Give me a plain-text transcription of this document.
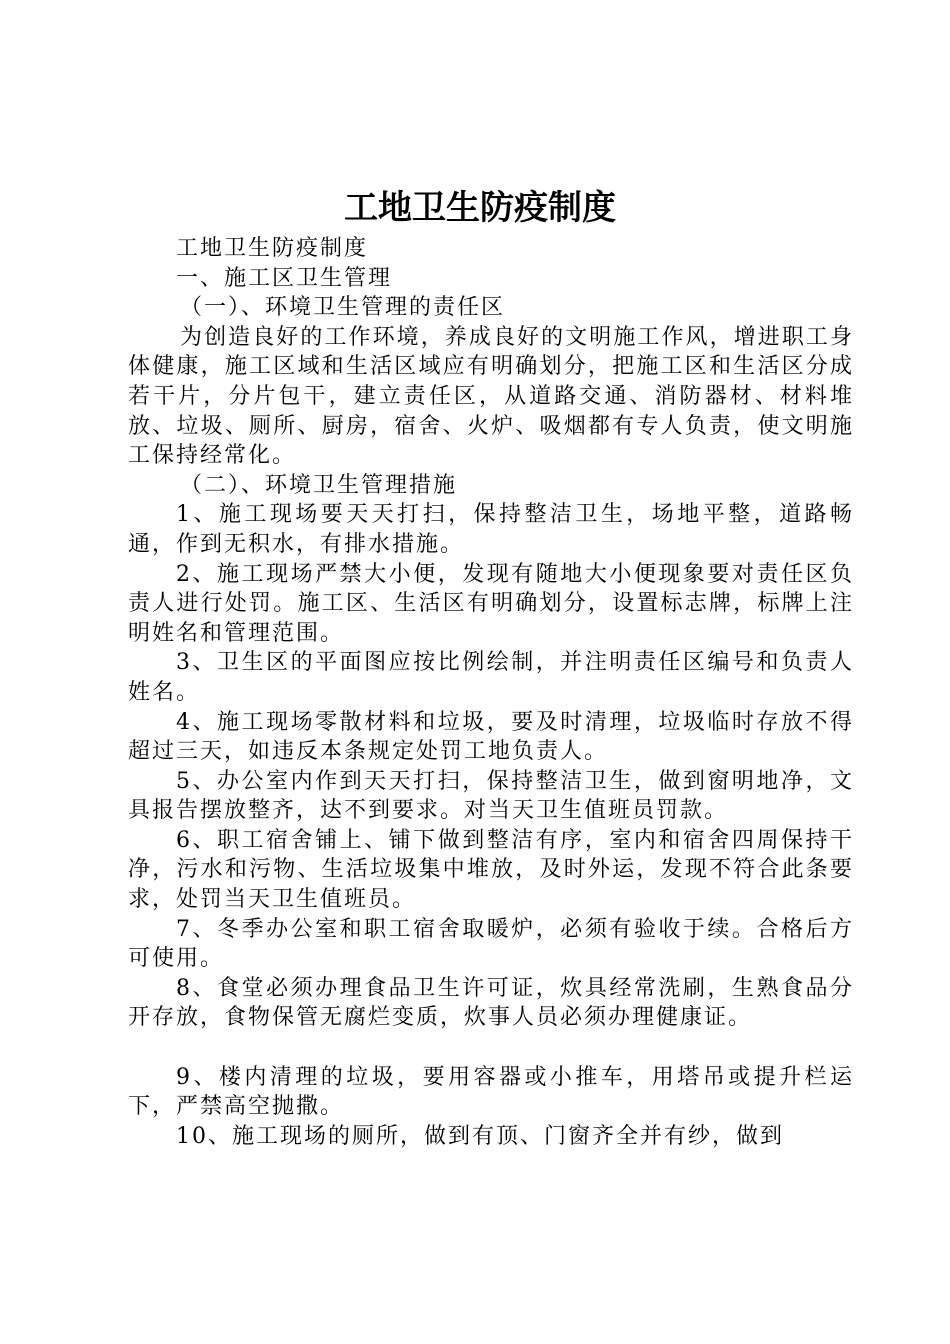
工地卫生防疫制度

工地卫生防疫制度

一、施工区卫生管理

（一）、环境卫生管理的责任区

为创造良好的工作环境，养成良好的文明施工作风，增进职工身体健康，施工区域和生活区域应有明确划分，把施工区和生活区分成若干片，分片包干，建立责任区，从道路交通、消防器材、材料堆放、垃圾、厕所、厨房，宿舍、火炉、吸烟都有专人负责，使文明施工保持经常化。

（二）、环境卫生管理措施

1、施工现场要天天打扫，保持整洁卫生，场地平整，道路畅通，作到无积水，有排水措施。

2、施工现场严禁大小便，发现有随地大小便现象要对责任区负责人进行处罚。施工区、生活区有明确划分，设置标志牌，标牌上注明姓名和管理范围。

3、卫生区的平面图应按比例绘制，并注明责任区编号和负责人姓名。

4、施工现场零散材料和垃圾，要及时清理，垃圾临时存放不得超过三天，如违反本条规定处罚工地负责人。

5、办公室内作到天天打扫，保持整洁卫生，做到窗明地净，文具报告摆放整齐，达不到要求。对当天卫生值班员罚款。

6、职工宿舍铺上、铺下做到整洁有序，室内和宿舍四周保持干净，污水和污物、生活垃圾集中堆放，及时外运，发现不符合此条要求，处罚当天卫生值班员。

7、冬季办公室和职工宿舍取暖炉，必须有验收于续。合格后方可使用。

8、食堂必须办理食品卫生许可证，炊具经常洗刷，生熟食品分开存放，食物保管无腐烂变质，炊事人员必须办理健康证。

9、楼内清理的垃圾，要用容器或小推车，用塔吊或提升栏运下，严禁高空抛撒。

10、施工现场的厕所，做到有顶、门窗齐全并有纱，做到
